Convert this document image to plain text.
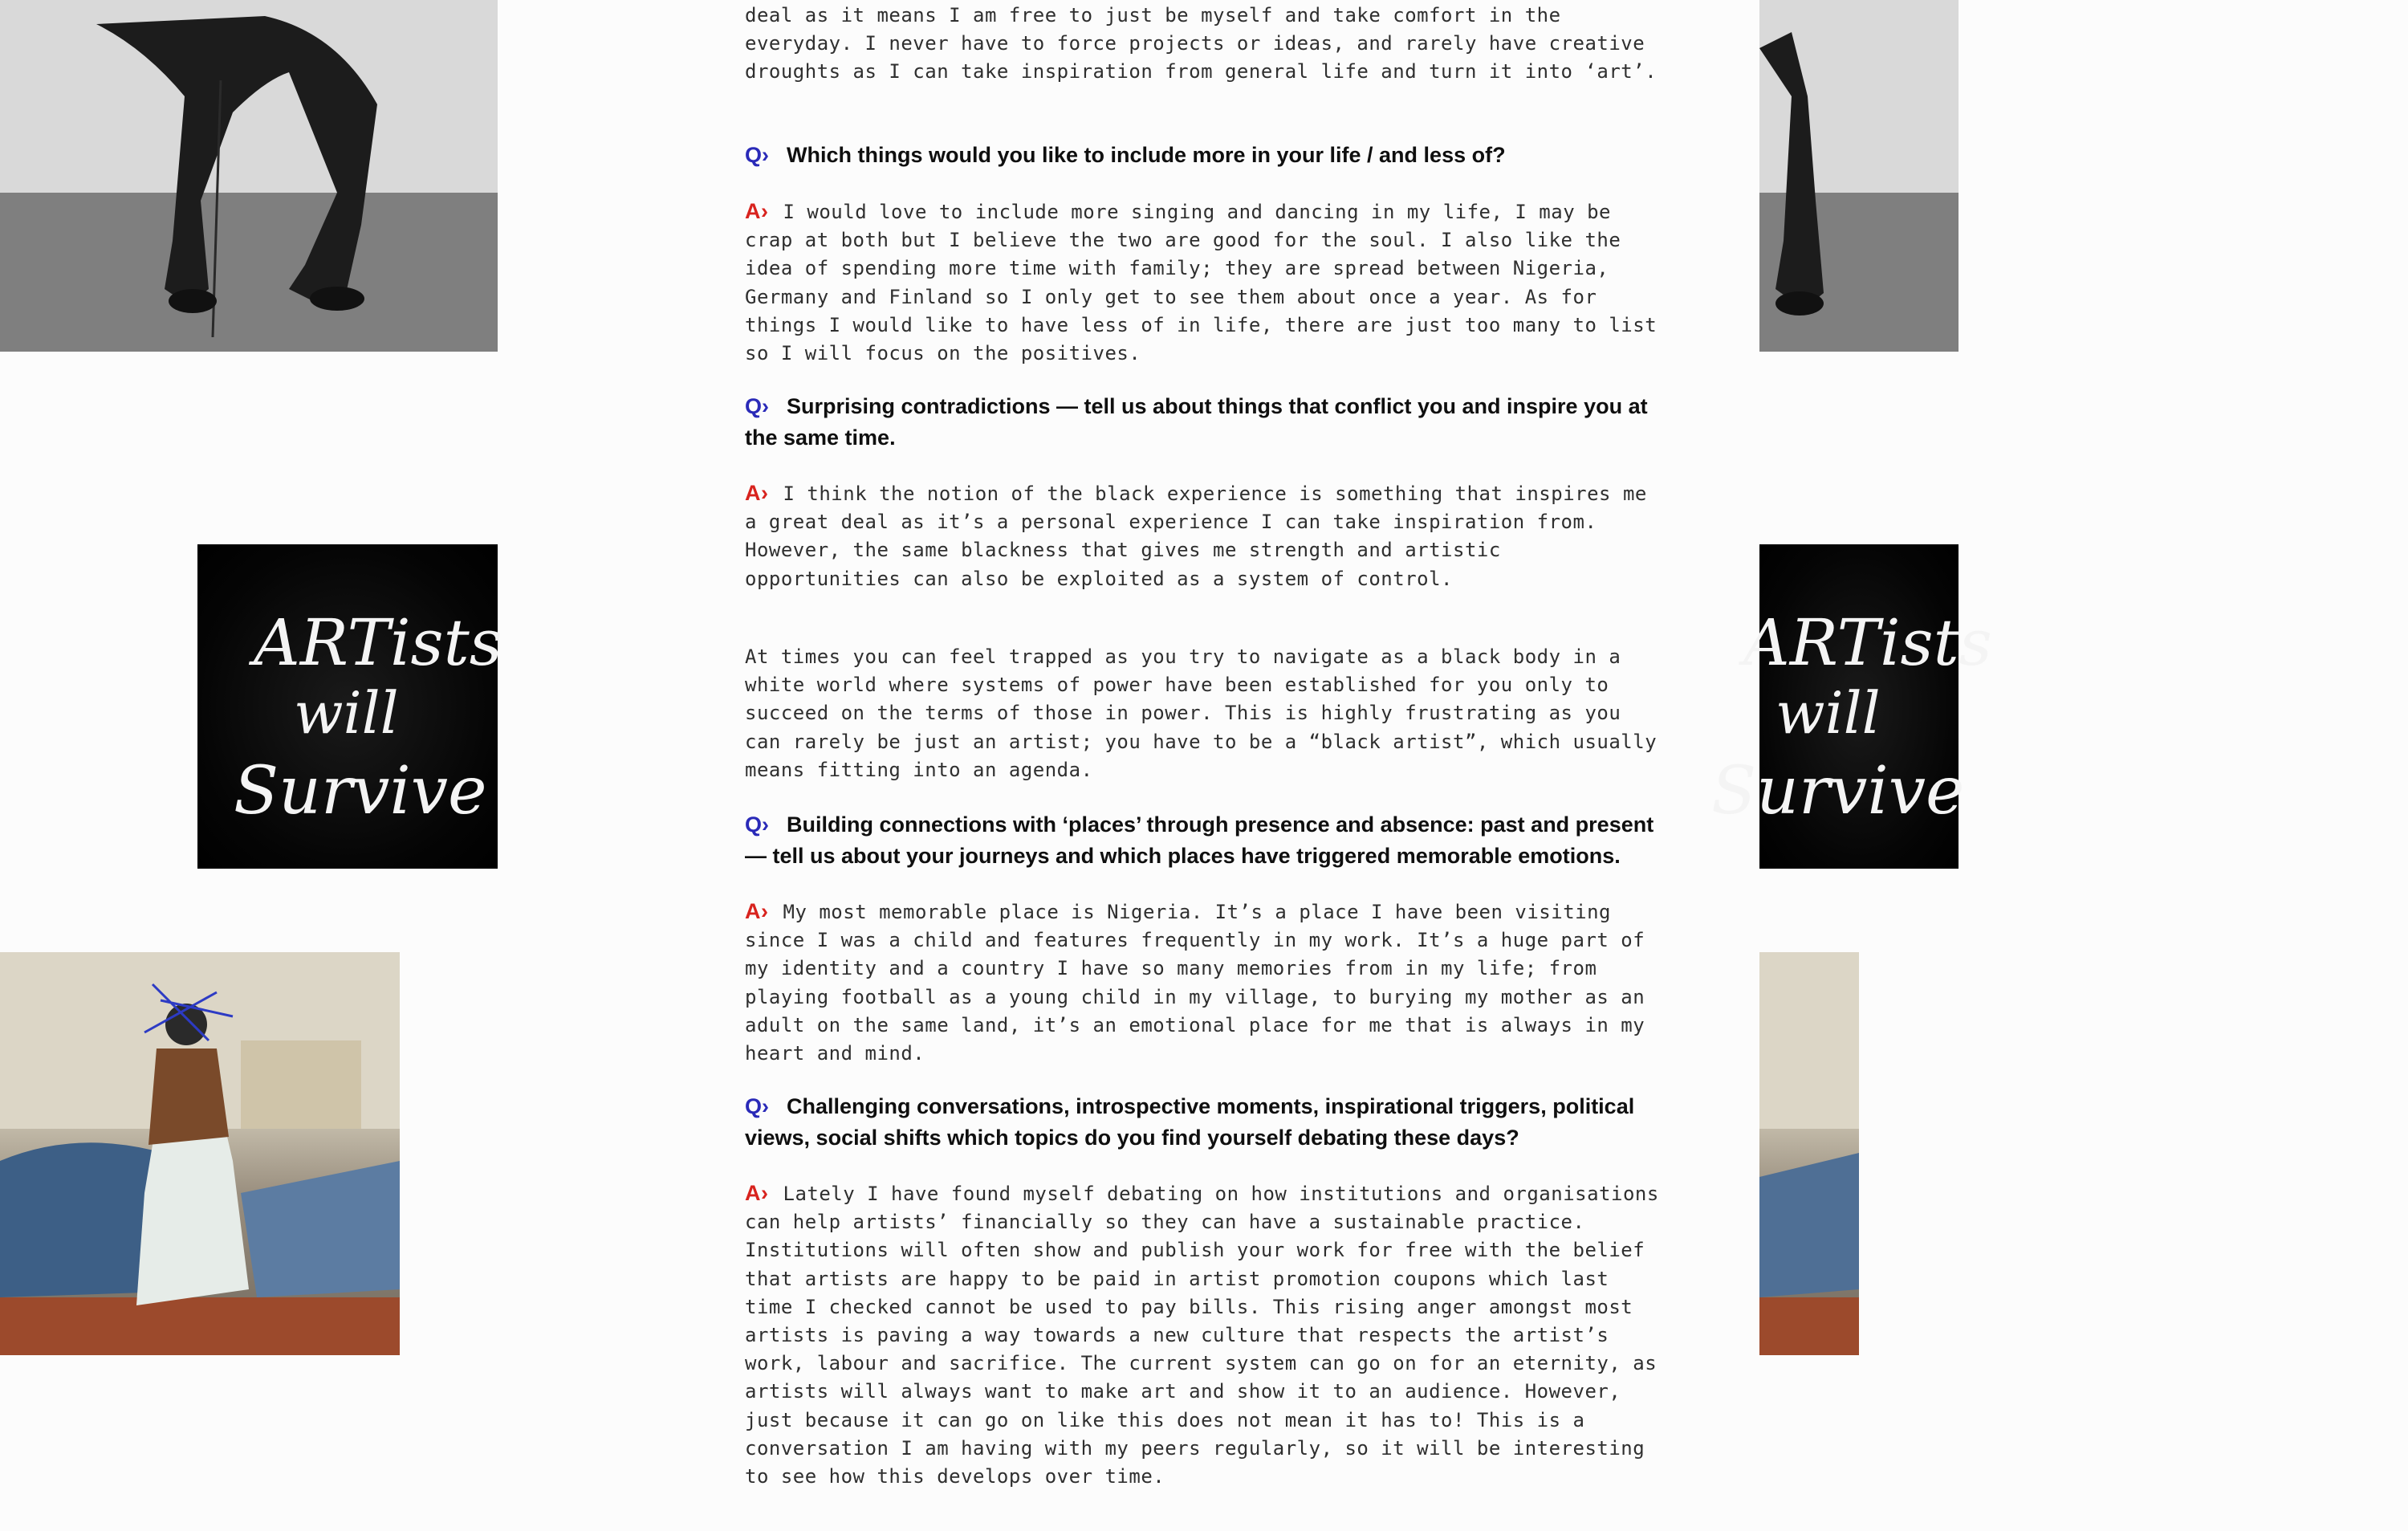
ARTists
will
Survive
ARTists
will
Survive
deal as it means I am free to just be myself and take comfort in the everyday. I never have to force projects or ideas, and rarely have creative droughts as I can take inspiration from general life and turn it into ‘art’.
Q› Which things would you like to include more in your life / and less of?
A› I would love to include more singing and dancing in my life, I may be crap at both but I believe the two are good for the soul. I also like the idea of spending more time with family; they are spread between Nigeria, Germany and Finland so I only get to see them about once a year. As for things I would like to have less of in life, there are just too many to list so I will focus on the positives.
Q› Surprising contradictions — tell us about things that conflict you and inspire you at the same time.
A› I think the notion of the black experience is something that inspires me a great deal as it’s a personal experience I can take inspiration from. However, the same blackness that gives me strength and artistic opportunities can also be exploited as a system of control.
At times you can feel trapped as you try to navigate as a black body in a white world where systems of power have been established for you only to succeed on the terms of those in power. This is highly frustrating as you can rarely be just an artist; you have to be a “black artist”, which usually means fitting into an agenda.
Q› Building connections with ‘places’ through presence and absence: past and present — tell us about your journeys and which places have triggered memorable emotions.
A› My most memorable place is Nigeria. It’s a place I have been visiting since I was a child and features frequently in my work. It’s a huge part of my identity and a country I have so many memories from in my life; from playing football as a young child in my village, to burying my mother as an adult on the same land, it’s an emotional place for me that is always in my heart and mind.
Q› Challenging conversations, introspective moments, inspirational triggers, political views, social shifts which topics do you find yourself debating these days?
A› Lately I have found myself debating on how institutions and organisations can help artists’ financially so they can have a sustainable practice. Institutions will often show and publish your work for free with the belief that artists are happy to be paid in artist promotion coupons which last time I checked cannot be used to pay bills. This rising anger amongst most artists is paving a way towards a new culture that respects the artist’s work, labour and sacrifice. The current system can go on for an eternity, as artists will always want to make art and show it to an audience. However, just because it can go on like this does not mean it has to! This is a conversation I am having with my peers regularly, so it will be interesting to see how this develops over time.
